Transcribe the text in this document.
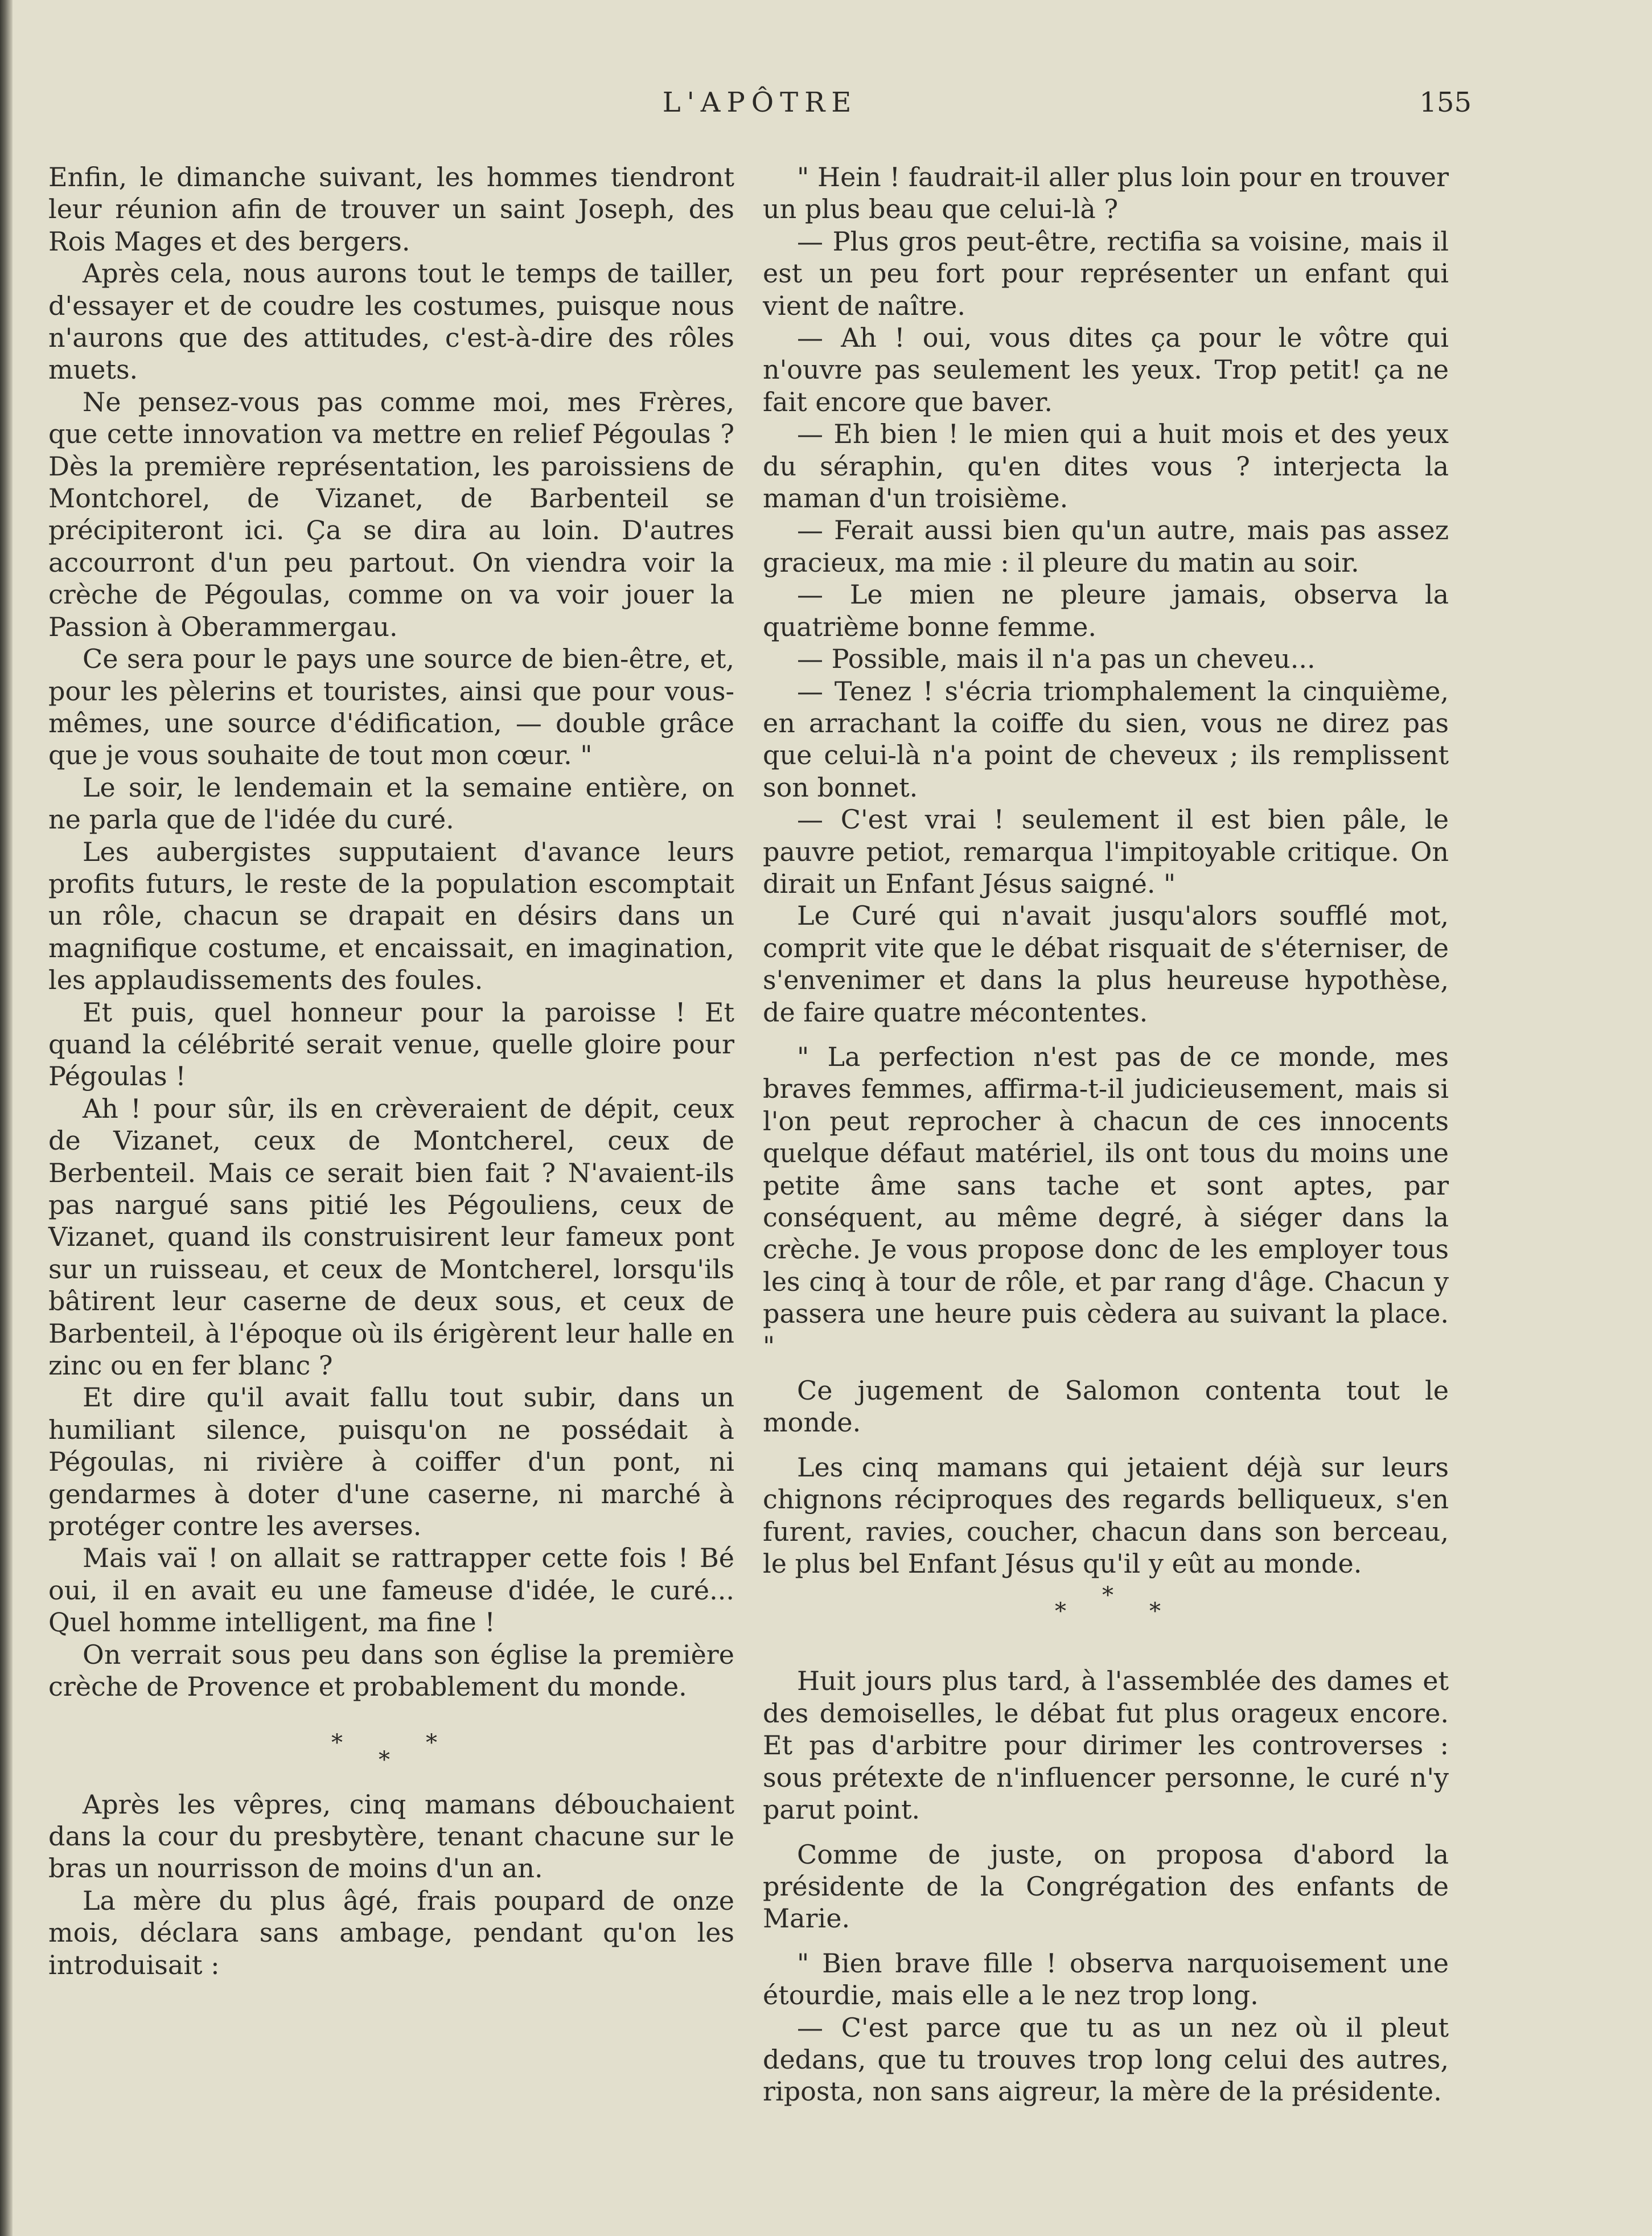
L'APÔTRE	155

Enfin, le dimanche suivant, les hommes tiendront leur réunion afin de trouver un saint Joseph, des Rois Mages et des bergers.

Après cela, nous aurons tout le temps de tailler, d'essayer et de coudre les costumes, puisque nous n'aurons que des attitudes, c'est-à-dire des rôles muets.

Ne pensez-vous pas comme moi, mes Frères, que cette innovation va mettre en relief Pégoulas ? Dès la première représentation, les paroissiens de Montchorel, de Vizanet, de Barbenteil se précipiteront ici. Ça se dira au loin. D'autres accourront d'un peu partout. On viendra voir la crèche de Pégoulas, comme on va voir jouer la Passion à Oberammergau.

Ce sera pour le pays une source de bien-être, et, pour les pèlerins et touristes, ainsi que pour vous-mêmes, une source d'édification, — double grâce que je vous souhaite de tout mon cœur. "

Le soir, le lendemain et la semaine entière, on ne parla que de l'idée du curé.

Les aubergistes supputaient d'avance leurs profits futurs, le reste de la population escomptait un rôle, chacun se drapait en désirs dans un magnifique costume, et encaissait, en imagination, les applaudissements des foules.

Et puis, quel honneur pour la paroisse ! Et quand la célébrité serait venue, quelle gloire pour Pégoulas !

Ah ! pour sûr, ils en crèveraient de dépit, ceux de Vizanet, ceux de Montcherel, ceux de Berbenteil. Mais ce serait bien fait ? N'avaient-ils pas nargué sans pitié les Pégouliens, ceux de Vizanet, quand ils construisirent leur fameux pont sur un ruisseau, et ceux de Montcherel, lorsqu'ils bâtirent leur caserne de deux sous, et ceux de Barbenteil, à l'époque où ils érigèrent leur halle en zinc ou en fer blanc ?

Et dire qu'il avait fallu tout subir, dans un humiliant silence, puisqu'on ne possédait à Pégoulas, ni rivière à coiffer d'un pont, ni gendarmes à doter d'une caserne, ni marché à protéger contre les averses.

Mais vaï ! on allait se rattrapper cette fois ! Bé oui, il en avait eu une fameuse d'idée, le curé... Quel homme intelligent, ma fine !

On verrait sous peu dans son église la première crèche de Provence et probablement du monde.

*
*
*

Après les vêpres, cinq mamans débouchaient dans la cour du presbytère, tenant chacune sur le bras un nourrisson de moins d'un an.

La mère du plus âgé, frais poupard de onze mois, déclara sans ambage, pendant qu'on les introduisait :

" Hein ! faudrait-il aller plus loin pour en trouver un plus beau que celui-là ?

— Plus gros peut-être, rectifia sa voisine, mais il est un peu fort pour représenter un enfant qui vient de naître.

— Ah ! oui, vous dites ça pour le vôtre qui n'ouvre pas seulement les yeux. Trop petit! ça ne fait encore que baver.

— Eh bien ! le mien qui a huit mois et des yeux du séraphin, qu'en dites vous ? interjecta la maman d'un troisième.

— Ferait aussi bien qu'un autre, mais pas assez gracieux, ma mie : il pleure du matin au soir.

— Le mien ne pleure jamais, observa la quatrième bonne femme.

— Possible, mais il n'a pas un cheveu...

— Tenez ! s'écria triomphalement la cinquième, en arrachant la coiffe du sien, vous ne direz pas que celui-là n'a point de cheveux ; ils remplissent son bonnet.

— C'est vrai ! seulement il est bien pâle, le pauvre petiot, remarqua l'impitoyable critique. On dirait un Enfant Jésus saigné. "

Le Curé qui n'avait jusqu'alors soufflé mot, comprit vite que le débat risquait de s'éterniser, de s'envenimer et dans la plus heureuse hypothèse, de faire quatre mécontentes.

" La perfection n'est pas de ce monde, mes braves femmes, affirma-t-il judicieusement, mais si l'on peut reprocher à chacun de ces innocents quelque défaut matériel, ils ont tous du moins une petite âme sans tache et sont aptes, par conséquent, au même degré, à siéger dans la crèche. Je vous propose donc de les employer tous les cinq à tour de rôle, et par rang d'âge. Chacun y passera une heure puis cèdera au suivant la place. "

Ce jugement de Salomon contenta tout le monde.

Les cinq mamans qui jetaient déjà sur leurs chignons réciproques des regards belliqueux, s'en furent, ravies, coucher, chacun dans son berceau, le plus bel Enfant Jésus qu'il y eût au monde.

*
*
*

Huit jours plus tard, à l'assemblée des dames et des demoiselles, le débat fut plus orageux encore. Et pas d'arbitre pour dirimer les controverses : sous prétexte de n'influencer personne, le curé n'y parut point.

Comme de juste, on proposa d'abord la présidente de la Congrégation des enfants de Marie.

" Bien brave fille ! observa narquoisement une étourdie, mais elle a le nez trop long.

— C'est parce que tu as un nez où il pleut dedans, que tu trouves trop long celui des autres, riposta, non sans aigreur, la mère de la présidente.
